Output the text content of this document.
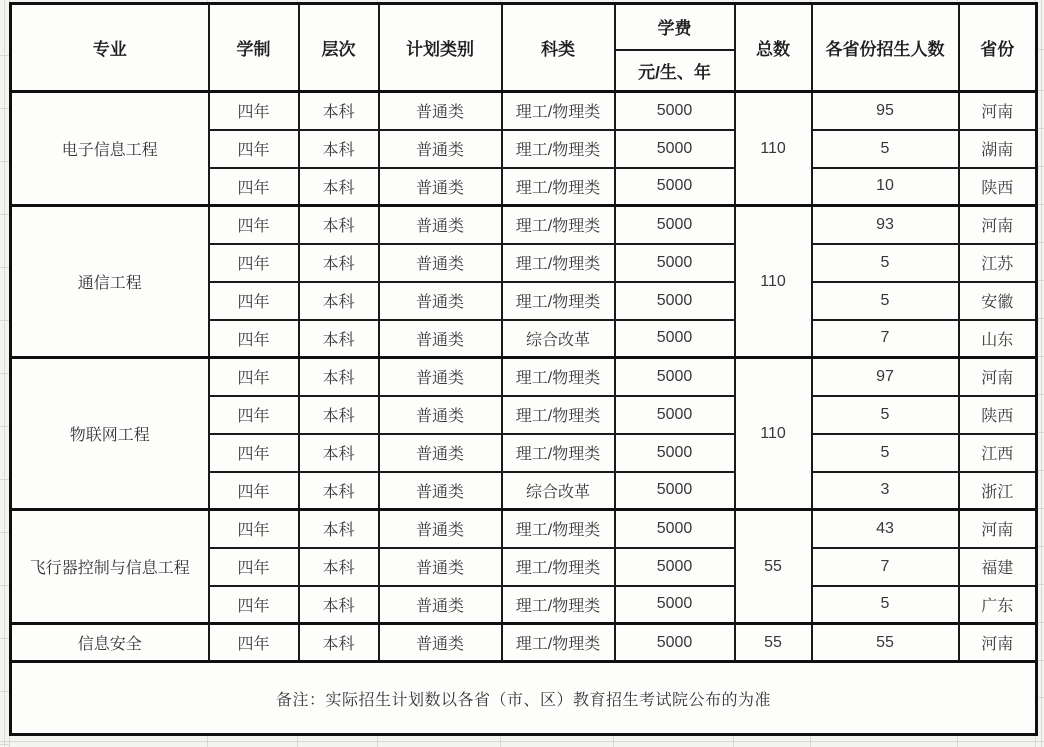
专业	学制	层次	计划类别	科类	学费	总数	各省份招生人数	省份
					元/生、年			
电子信息工程	四年	本科	普通类	理工/物理类	5000	110	95	河南
	四年	本科	普通类	理工/物理类	5000		5	湖南
	四年	本科	普通类	理工/物理类	5000		10	陕西
通信工程	四年	本科	普通类	理工/物理类	5000	110	93	河南
	四年	本科	普通类	理工/物理类	5000		5	江苏
	四年	本科	普通类	理工/物理类	5000		5	安徽
	四年	本科	普通类	综合改革	5000		7	山东
物联网工程	四年	本科	普通类	理工/物理类	5000	110	97	河南
	四年	本科	普通类	理工/物理类	5000		5	陕西
	四年	本科	普通类	理工/物理类	5000		5	江西
	四年	本科	普通类	综合改革	5000		3	浙江
飞行器控制与信息工程	四年	本科	普通类	理工/物理类	5000	55	43	河南
	四年	本科	普通类	理工/物理类	5000		7	福建
	四年	本科	普通类	理工/物理类	5000		5	广东
信息安全	四年	本科	普通类	理工/物理类	5000	55	55	河南
备注：实际招生计划数以各省（市、区）教育招生考试院公布的为准								
